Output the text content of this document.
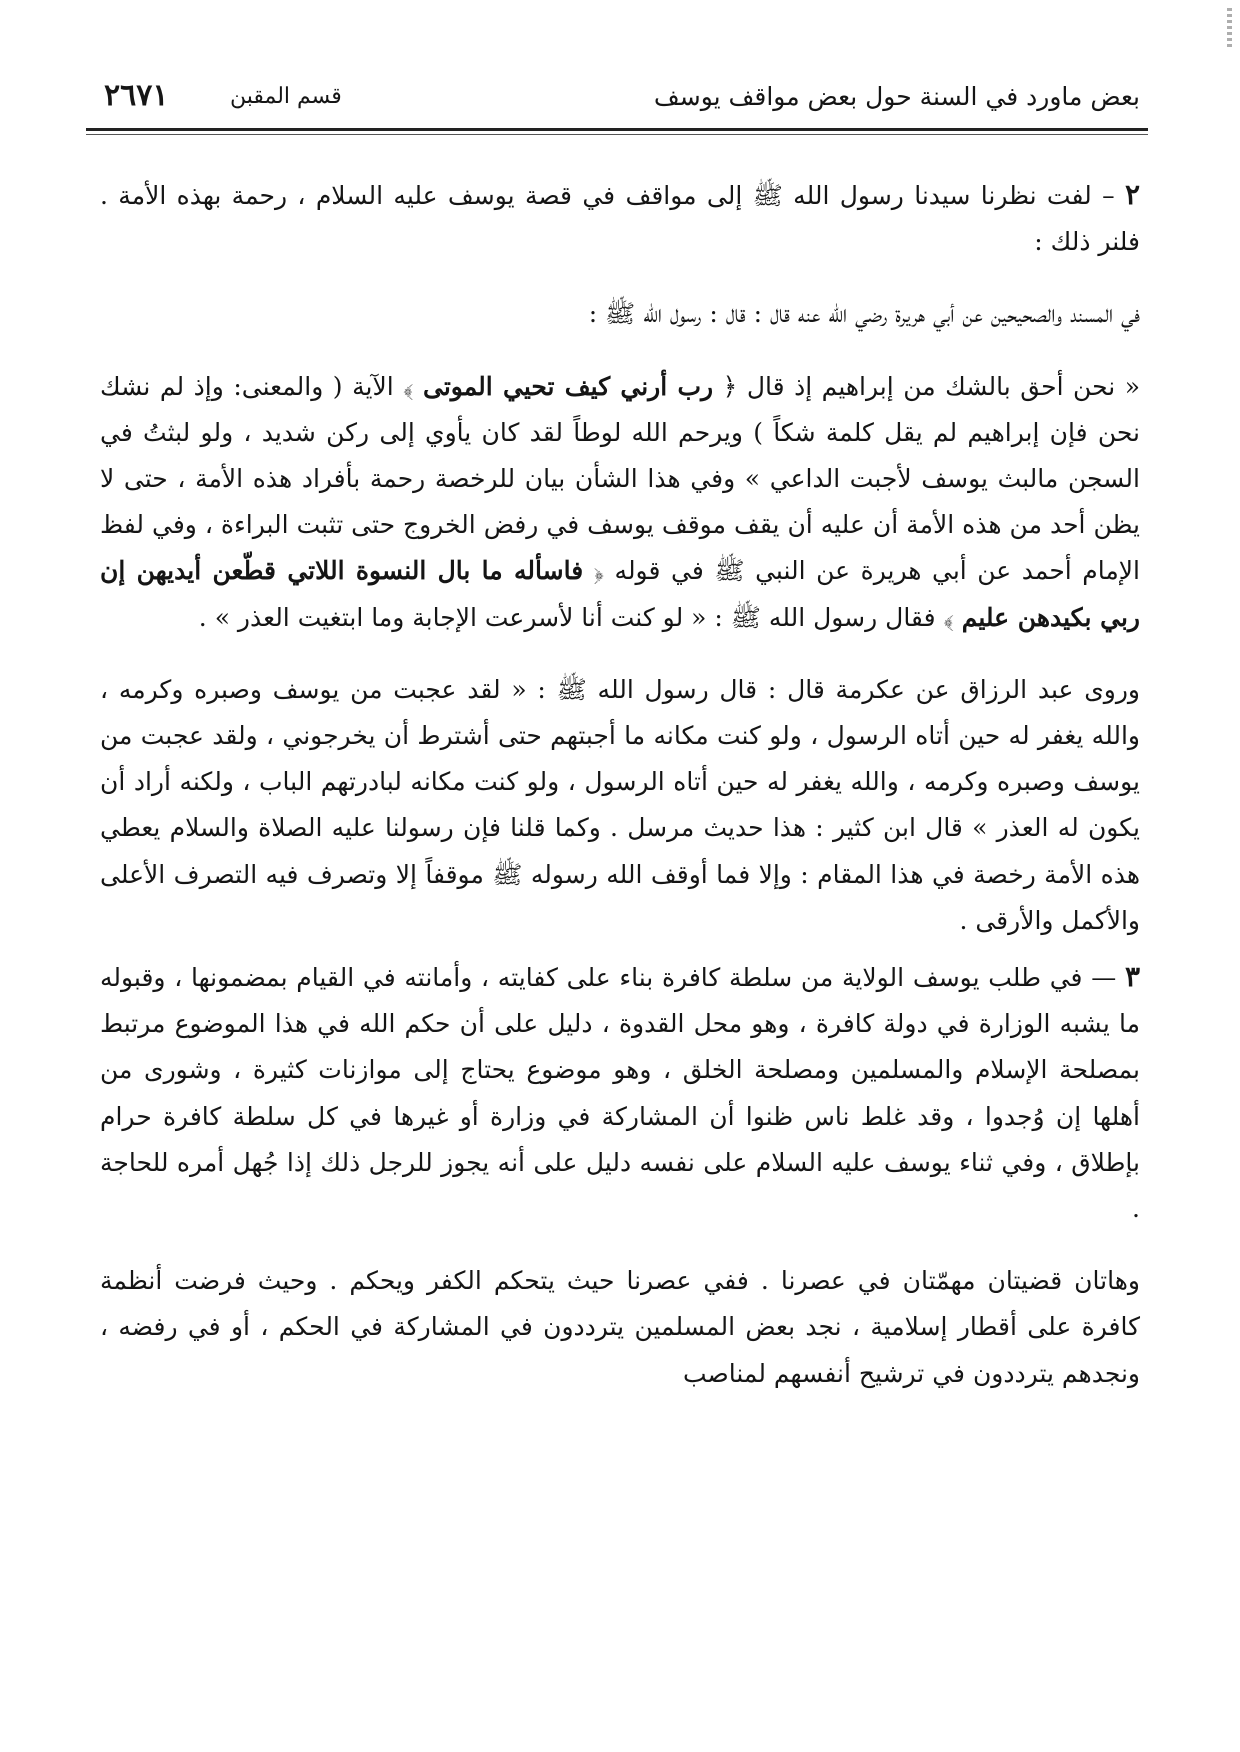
بعض ماورد في السنة حول بعض مواقف يوسف
قسم المقبن
٢٦٧١

٢ – لفت نظرنا سيدنا رسول الله ﷺ إلى مواقف في قصة يوسف عليه السلام ، رحمة بهذه الأمة . فلنر ذلك :

في المسند والصحيحين عن أبي هريرة رضي الله عنه قال : قال : رسول الله ﷺ :

« نحن أحق بالشك من إبراهيم إذ قال ﴿ رب أرني كيف تحيي الموتى ﴾ الآية ( والمعنى: وإذ لم نشك نحن فإن إبراهيم لم يقل كلمة شكاً ) ويرحم الله لوطاً لقد كان يأوي إلى ركن شديد ، ولو لبثتُ في السجن مالبث يوسف لأجبت الداعي » وفي هذا الشأن بيان للرخصة رحمة بأفراد هذه الأمة ، حتى لا يظن أحد من هذه الأمة أن عليه أن يقف موقف يوسف في رفض الخروج حتى تثبت البراءة ، وفي لفظ الإمام أحمد عن أبي هريرة عن النبي ﷺ في قوله ﴿ فاسأله ما بال النسوة اللاتي قطّعن أيديهن إن ربي بكيدهن عليم ﴾ فقال رسول الله ﷺ : « لو كنت أنا لأسرعت الإجابة وما ابتغيت العذر » .

وروى عبد الرزاق عن عكرمة قال : قال رسول الله ﷺ : « لقد عجبت من يوسف وصبره وكرمه ، والله يغفر له حين أتاه الرسول ، ولو كنت مكانه ما أجبتهم حتى أشترط أن يخرجوني ، ولقد عجبت من يوسف وصبره وكرمه ، والله يغفر له حين أتاه الرسول ، ولو كنت مكانه لبادرتهم الباب ، ولكنه أراد أن يكون له العذر » قال ابن كثير : هذا حديث مرسل . وكما قلنا فإن رسولنا عليه الصلاة والسلام يعطي هذه الأمة رخصة في هذا المقام : وإلا فما أوقف الله رسوله ﷺ موقفاً إلا وتصرف فيه التصرف الأعلى والأكمل والأرقى .

٣ — في طلب يوسف الولاية من سلطة كافرة بناء على كفايته ، وأمانته في القيام بمضمونها ، وقبوله ما يشبه الوزارة في دولة كافرة ، وهو محل القدوة ، دليل على أن حكم الله في هذا الموضوع مرتبط بمصلحة الإسلام والمسلمين ومصلحة الخلق ، وهو موضوع يحتاج إلى موازنات كثيرة ، وشورى من أهلها إن وُجدوا ، وقد غلط ناس ظنوا أن المشاركة في وزارة أو غيرها في كل سلطة كافرة حرام بإطلاق ، وفي ثناء يوسف عليه السلام على نفسه دليل على أنه يجوز للرجل ذلك إذا جُهل أمره للحاجة .

وهاتان قضيتان مهمّتان في عصرنا . ففي عصرنا حيث يتحكم الكفر ويحكم . وحيث فرضت أنظمة كافرة على أقطار إسلامية ، نجد بعض المسلمين يترددون في المشاركة في الحكم ، أو في رفضه ، ونجدهم يترددون في ترشيح أنفسهم لمناصب
